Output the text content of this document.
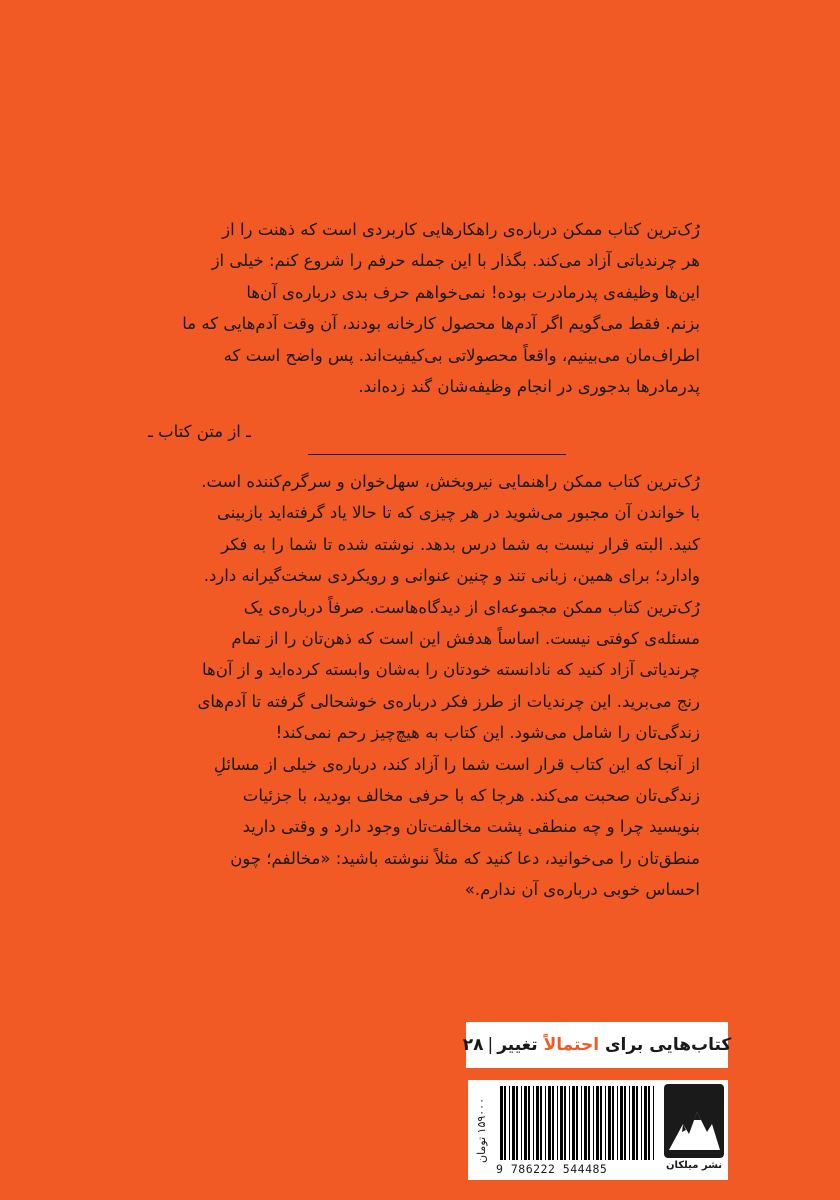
رُک‌ترین کتاب ممکن درباره‌ی راهکارهایی کاربردی است که ذهنت را از
هر چرندیاتی آزاد می‌کند. بگذار با این جمله حرفم را شروع کنم: خیلی از
این‌ها وظیفه‌ی پدرمادرت بوده! نمی‌خواهم حرف بدی درباره‌ی آن‌ها
بزنم. فقط می‌گویم اگر آدم‌ها محصول کارخانه بودند، آن وقت آدم‌هایی که ما
اطراف‌مان می‌بینیم، واقعاً محصولاتی بی‌کیفیت‌اند. پس واضح است که
پدرمادرها بدجوری در انجام وظیفه‌شان گند زده‌اند.
ـ از متن کتاب ـ
رُک‌ترین کتاب ممکن راهنمایی نیروبخش، سهل‌خوان و سرگرم‌کننده است.
با خواندن آن مجبور می‌شوید در هر چیزی که تا حالا یاد گرفته‌اید بازبینی
کنید. البته قرار نیست به شما درس بدهد. نوشته شده تا شما را به فکر
وادارد؛ برای همین، زبانی تند و چنین عنوانی و رویکردی سخت‌گیرانه دارد.
رُک‌ترین کتاب ممکن مجموعه‌ای از دیدگاه‌هاست. صرفاً درباره‌ی یک
مسئله‌ی کوفتی نیست. اساساً هدفش این است که ذهن‌تان را از تمام
چرندیاتی آزاد کنید که نادانسته خودتان را به‌شان وابسته کرده‌اید و از آن‌ها
رنج می‌برید. این چرندیات از طرز فکر درباره‌ی خوشحالی گرفته تا آدم‌های
زندگی‌تان را شامل می‌شود. این کتاب به هیچ‌چیز رحم نمی‌کند!
از آنجا که این کتاب قرار است شما را آزاد کند، درباره‌ی خیلی از مسائلِ
زندگی‌تان صحبت می‌کند. هرجا که با حرفی مخالف بودید، با جزئیات
بنویسید چرا و چه منطقی پشت مخالفت‌تان وجود دارد و وقتی دارید
منطق‌تان را می‌خوانید، دعا کنید که مثلاً ننوشته باشید: «مخالفم؛ چون
احساس خوبی درباره‌ی آن ندارم.»
کتاب‌هایی برای

احتمالاً

تغییر
|
۲۸
۱۵۹۰۰۰ تومان
9 786222 544485	نشر میلکان
